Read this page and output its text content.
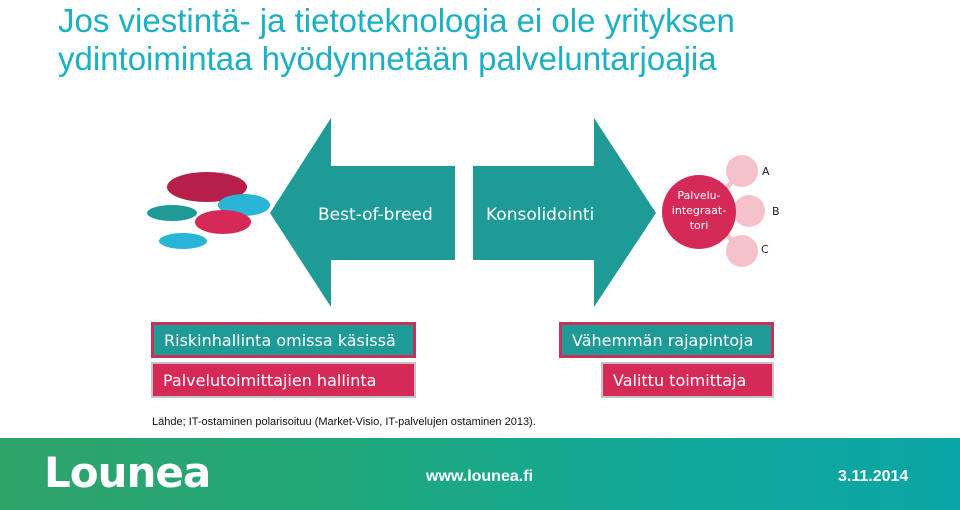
Jos viestintä- ja tietoteknologia ei ole yrityksen
ydintoimintaa hyödynnetään palveluntarjoajia
Best-of-breed	Konsolidointi
Palvelu-
integraat-
tori
A
B
C
Riskinhallinta omissa käsissä
Palvelutoimittajien hallinta
Vähemmän rajapintoja
Valittu toimittaja
Lähde; IT-ostaminen polarisoituu (Market-Visio, IT-palvelujen ostaminen 2013).
Lounea	www.lounea.fi	3.11.2014
